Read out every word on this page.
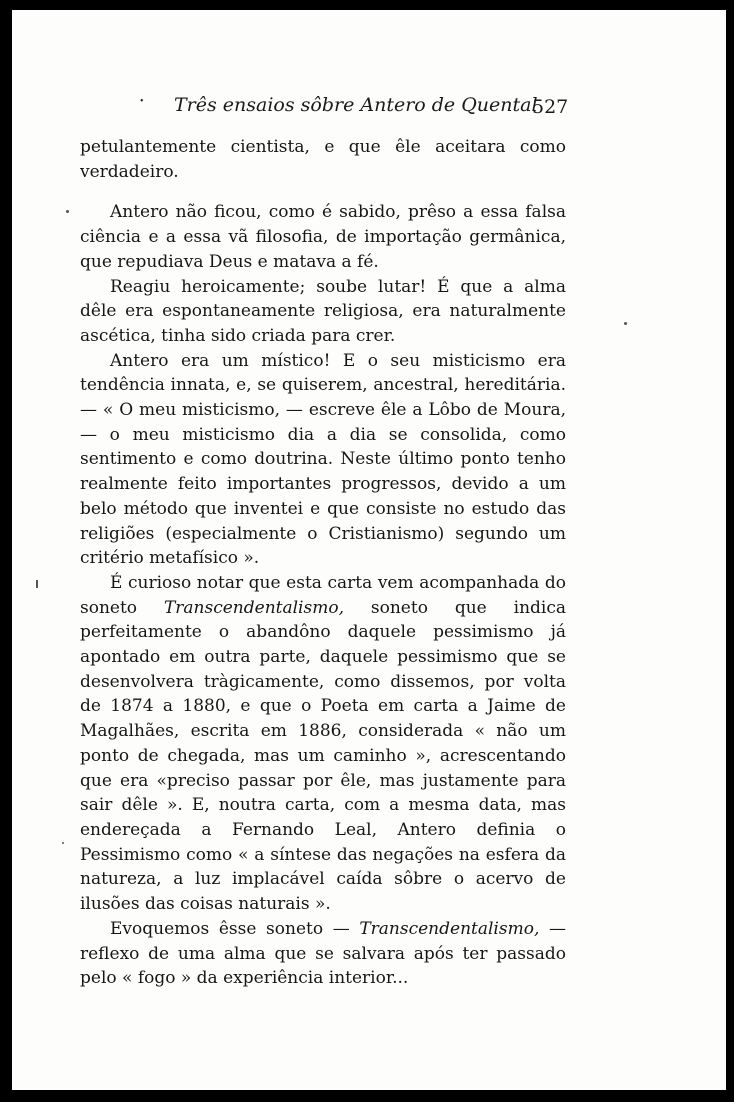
• Três ensaios sôbre Antero de Quental
527

petulantemente cientista, e que êle aceitara como verdadeiro.

Antero não ficou, como é sabido, prêso a essa falsa ciência e a essa vã filosofia, de importação germânica, que repudiava Deus e matava a fé.

Reagiu heroicamente; soube lutar! É que a alma dêle era espontaneamente religiosa, era naturalmente ascética, tinha sido criada para crer.

Antero era um místico! E o seu misticismo era tendência innata, e, se quiserem, ancestral, hereditária. — « O meu misticismo, — escreve êle a Lôbo de Moura, — o meu misticismo dia a dia se consolida, como sentimento e como doutrina. Neste último ponto tenho realmente feito importantes progressos, devido a um belo método que inventei e que consiste no estudo das religiões (especialmente o Cristianismo) segundo um critério metafísico ».

É curioso notar que esta carta vem acompanhada do soneto Transcendentalismo, soneto que indica perfeitamente o abandôno daquele pessimismo já apontado em outra parte, daquele pessimismo que se desenvolvera tràgicamente, como dissemos, por volta de 1874 a 1880, e que o Poeta em carta a Jaime de Magalhães, escrita em 1886, considerada « não um ponto de chegada, mas um caminho », acrescentando que era «preciso passar por êle, mas justamente para sair dêle ». E, noutra carta, com a mesma data, mas endereçada a Fernando Leal, Antero definia o Pessimismo como « a síntese das negações na esfera da natureza, a luz implacável caída sôbre o acervo de ilusões das coisas naturais ».

Evoquemos êsse soneto — Transcendentalismo, — reflexo de uma alma que se salvara após ter passado pelo « fogo » da experiência interior...
